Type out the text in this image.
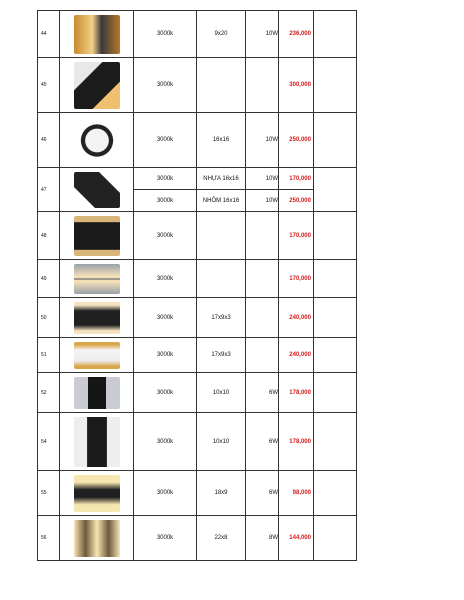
44		3000k	9x20	10W	236,000	
45		3000k			300,000	
46		3000k	16x16	10W	250,000	
47		3000k	NHỰA 16x16	10W	170,000	
		3000k	NHÔM 16x16	10W	250,000	
48		3000k			170,000	
49		3000k			170,000	
50		3000k	17x9x3		240,000	
51		3000k	17x9x3		240,000	
52		3000k	10x10	6W	178,000	
54		3000k	10x10	6W	178,000	
55		3000k	18x9	6W	98,000	
56		3000k	22x8	8W	144,000	
